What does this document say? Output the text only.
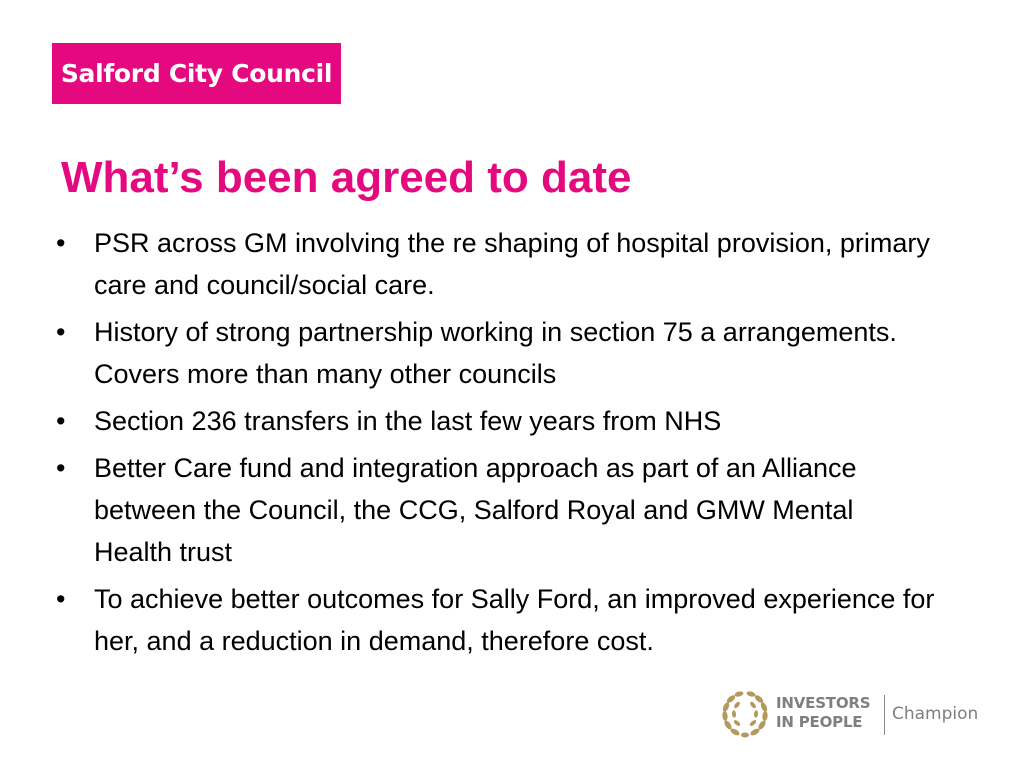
Salford City Council
What’s been agreed to date
• PSR across GM involving the re shaping of hospital provision, primary care and council/social care.
• History of strong partnership working in section 75 a arrangements. Covers more than many other councils
• Section 236 transfers in the last few years from NHS
• Better Care fund and integration approach as part of an Alliance between the Council, the CCG, Salford Royal and GMW Mental Health trust
• To achieve better outcomes for Sally Ford, an improved experience for her, and a reduction in demand, therefore cost.
INVESTORS
IN PEOPLE	Champion
